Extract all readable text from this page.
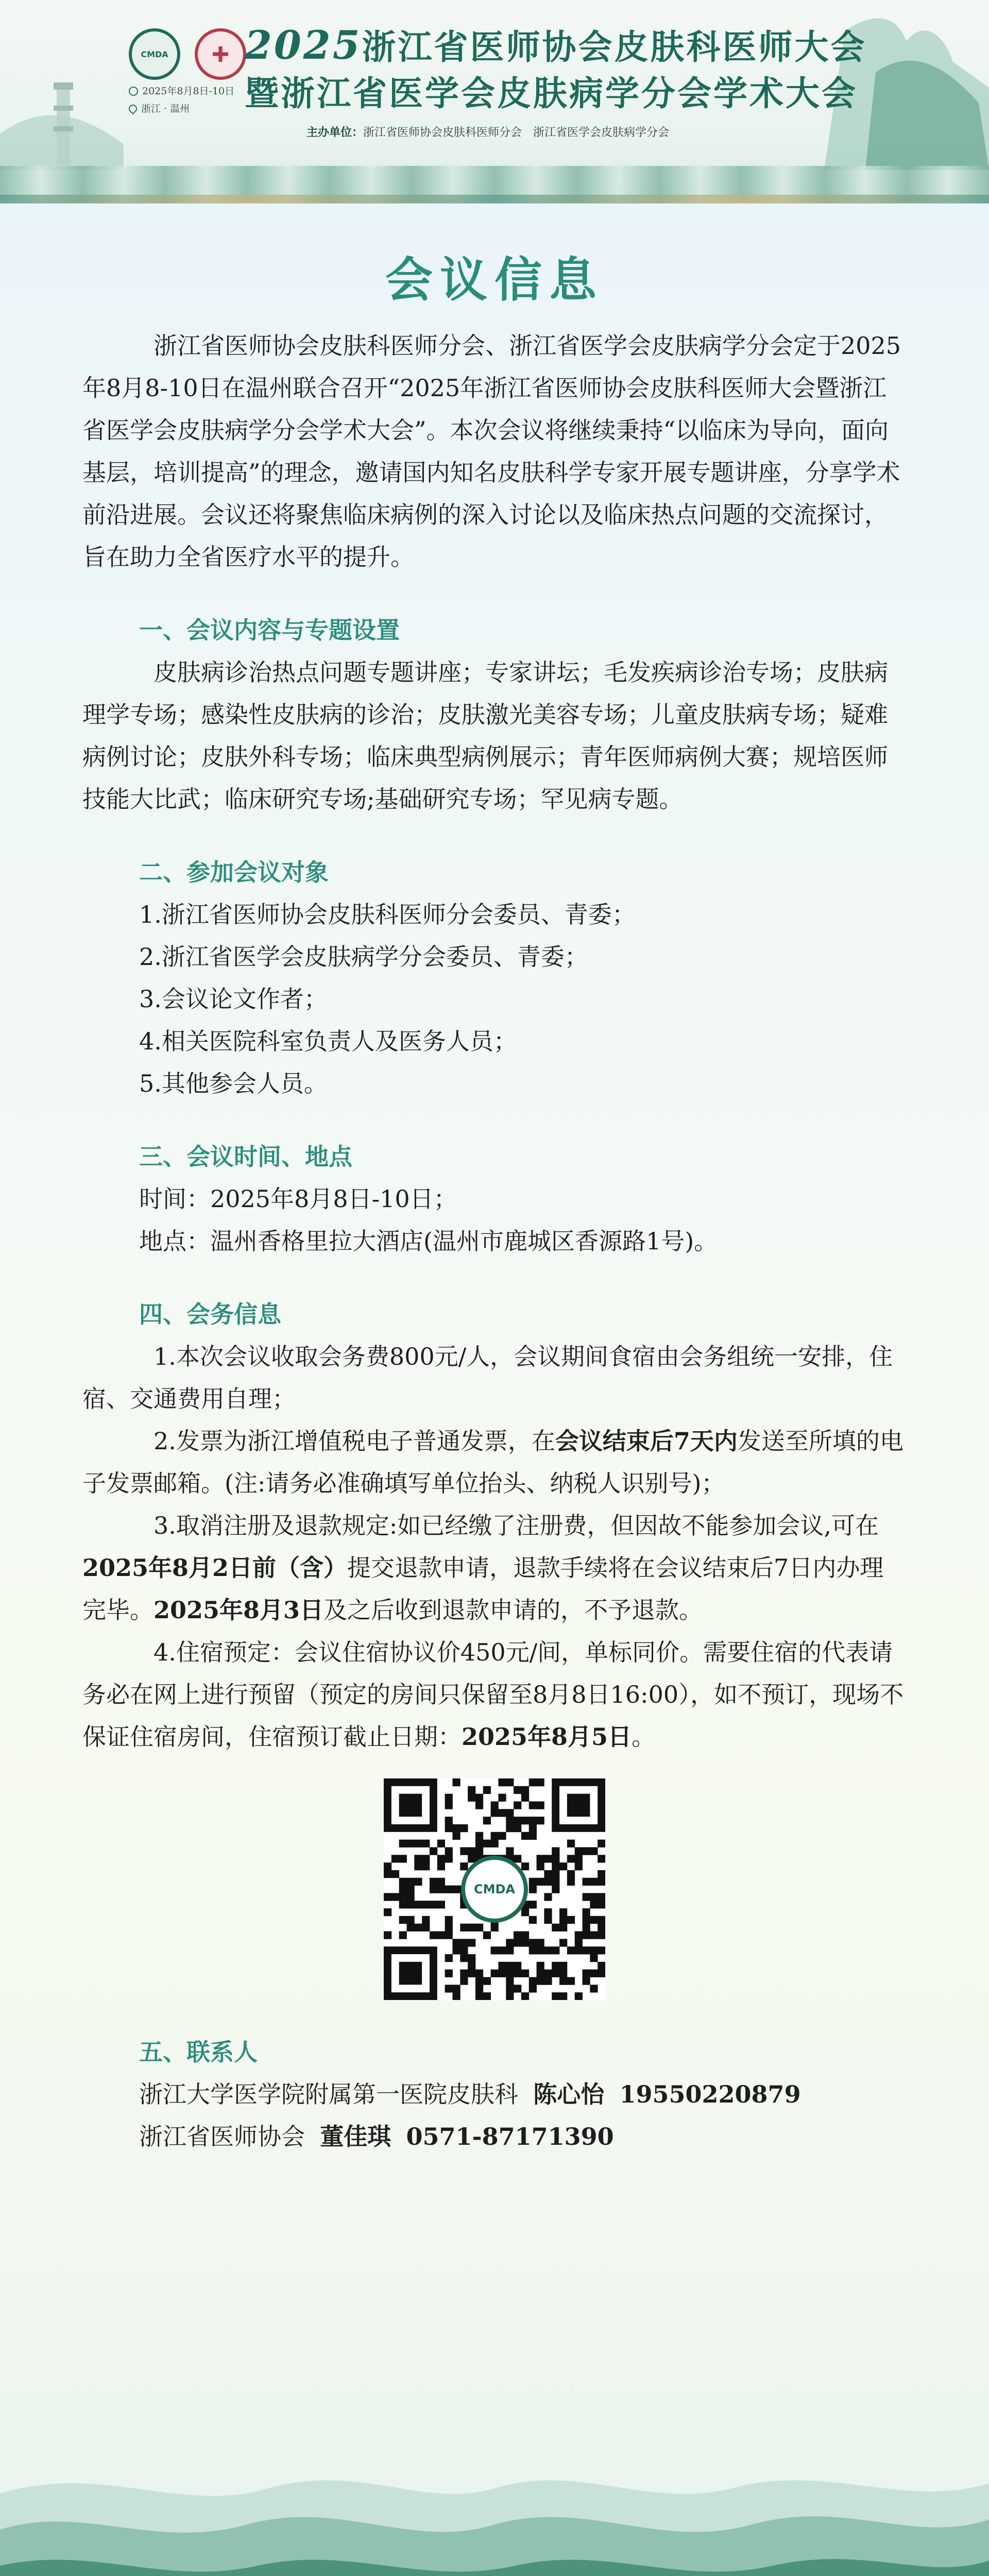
CMDA
2025年8月8日-10日
浙江 · 温州
2025浙江省医师协会皮肤科医师大会
暨浙江省医学会皮肤病学分会学术大会
主办单位：浙江省医师协会皮肤科医师分会　浙江省医学会皮肤病学分会
会议信息

浙江省医师协会皮肤科医师分会、浙江省医学会皮肤病学分会定于2025年8月8-10日在温州联合召开“2025年浙江省医师协会皮肤科医师大会暨浙江省医学会皮肤病学分会学术大会”。本次会议将继续秉持“以临床为导向，面向基层，培训提高”的理念，邀请国内知名皮肤科学专家开展专题讲座，分享学术前沿进展。会议还将聚焦临床病例的深入讨论以及临床热点问题的交流探讨，旨在助力全省医疗水平的提升。

一、会议内容与专题设置

皮肤病诊治热点问题专题讲座；专家讲坛；毛发疾病诊治专场；皮肤病理学专场；感染性皮肤病的诊治；皮肤激光美容专场；儿童皮肤病专场；疑难病例讨论；皮肤外科专场；临床典型病例展示；青年医师病例大赛；规培医师技能大比武；临床研究专场;基础研究专场；罕见病专题。

二、参加会议对象

1.浙江省医师协会皮肤科医师分会委员、青委；

2.浙江省医学会皮肤病学分会委员、青委；

3.会议论文作者；

4.相关医院科室负责人及医务人员；

5.其他参会人员。

三、会议时间、地点

时间：2025年8月8日-10日；

地点：温州香格里拉大酒店(温州市鹿城区香源路1号)。

四、会务信息

1.本次会议收取会务费800元/人，会议期间食宿由会务组统一安排，住宿、交通费用自理；

2.发票为浙江增值税电子普通发票，在会议结束后7天内发送至所填的电子发票邮箱。(注:请务必准确填写单位抬头、纳税人识别号)；

3.取消注册及退款规定:如已经缴了注册费，但因故不能参加会议,可在2025年8月2日前（含）提交退款申请，退款手续将在会议结束后7日内办理完毕。2025年8月3日及之后收到退款申请的，不予退款。

4.住宿预定：会议住宿协议价450元/间，单标同价。需要住宿的代表请务必在网上进行预留（预定的房间只保留至8月8日16:00），如不预订，现场不保证住宿房间，住宿预订截止日期：2025年8月5日。

CMDA

五、联系人

浙江大学医学院附属第一医院皮肤科 陈心怡 19550220879

浙江省医师协会 董佳琪 0571-87171390
